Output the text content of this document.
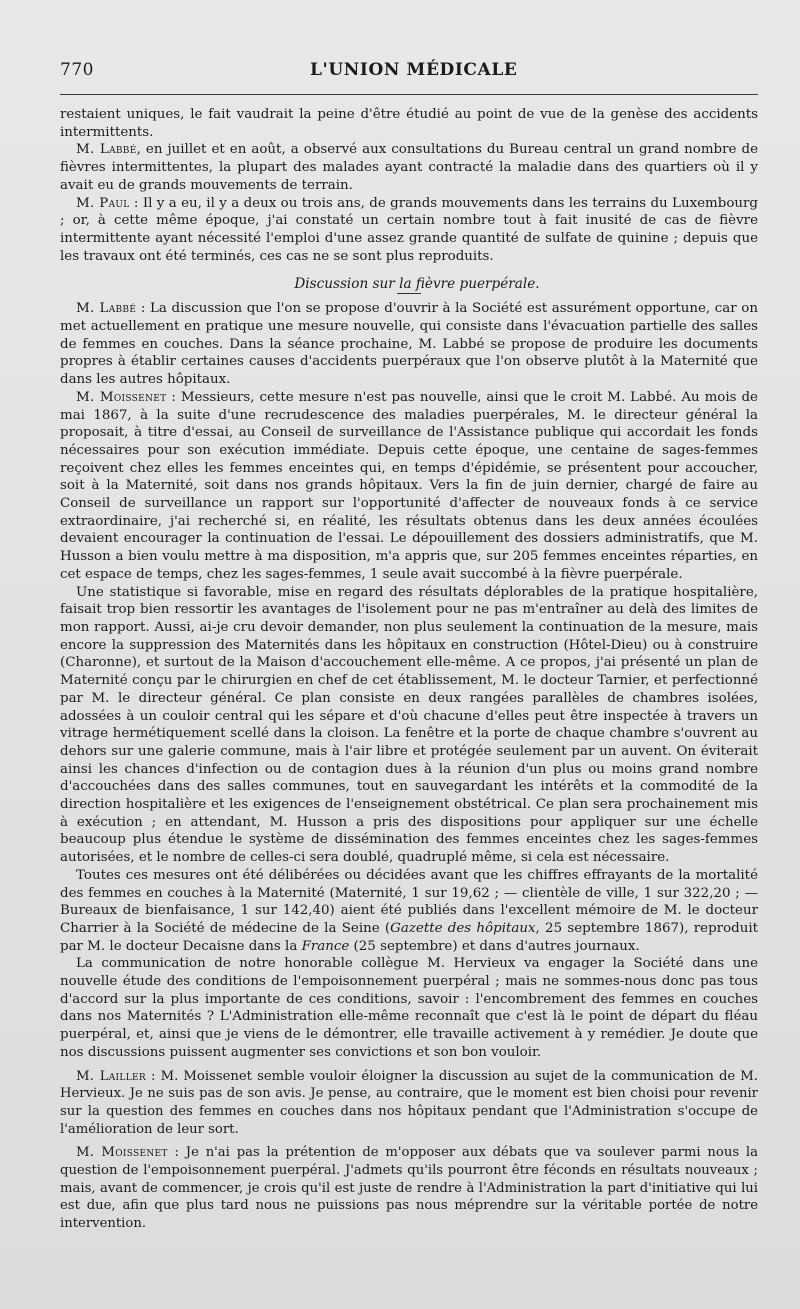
770	L'UNION MÉDICALE

restaient uniques, le fait vaudrait la peine d'être étudié au point de vue de la genèse des accidents intermittents.

M. Labbé, en juillet et en août, a observé aux consultations du Bureau central un grand nombre de fièvres intermittentes, la plupart des malades ayant contracté la maladie dans des quartiers où il y avait eu de grands mouvements de terrain.

M. Paul : Il y a eu, il y a deux ou trois ans, de grands mouvements dans les terrains du Luxembourg ; or, à cette même époque, j'ai constaté un certain nombre tout à fait inusité de cas de fièvre intermittente ayant nécessité l'emploi d'une assez grande quantité de sulfate de quinine ; depuis que les travaux ont été terminés, ces cas ne se sont plus reproduits.

Discussion sur la fièvre puerpérale.

M. Labbé : La discussion que l'on se propose d'ouvrir à la Société est assurément opportune, car on met actuellement en pratique une mesure nouvelle, qui consiste dans l'évacuation partielle des salles de femmes en couches. Dans la séance prochaine, M. Labbé se propose de produire les documents propres à établir certaines causes d'accidents puerpéraux que l'on observe plutôt à la Maternité que dans les autres hôpitaux.

M. Moissenet : Messieurs, cette mesure n'est pas nouvelle, ainsi que le croit M. Labbé. Au mois de mai 1867, à la suite d'une recrudescence des maladies puerpérales, M. le directeur général la proposait, à titre d'essai, au Conseil de surveillance de l'Assistance publique qui accordait les fonds nécessaires pour son exécution immédiate. Depuis cette époque, une centaine de sages-femmes reçoivent chez elles les femmes enceintes qui, en temps d'épidémie, se présentent pour accoucher, soit à la Maternité, soit dans nos grands hôpitaux. Vers la fin de juin dernier, chargé de faire au Conseil de surveillance un rapport sur l'opportunité d'affecter de nouveaux fonds à ce service extraordinaire, j'ai recherché si, en réalité, les résultats obtenus dans les deux années écoulées devaient encourager la continuation de l'essai. Le dépouillement des dossiers administratifs, que M. Husson a bien voulu mettre à ma disposition, m'a appris que, sur 205 femmes enceintes réparties, en cet espace de temps, chez les sages-femmes, 1 seule avait succombé à la fièvre puerpérale.

Une statistique si favorable, mise en regard des résultats déplorables de la pratique hospitalière, faisait trop bien ressortir les avantages de l'isolement pour ne pas m'entraîner au delà des limites de mon rapport. Aussi, ai-je cru devoir demander, non plus seulement la continuation de la mesure, mais encore la suppression des Maternités dans les hôpitaux en construction (Hôtel-Dieu) ou à construire (Charonne), et surtout de la Maison d'accouchement elle-même. A ce propos, j'ai présenté un plan de Maternité conçu par le chirurgien en chef de cet établissement, M. le docteur Tarnier, et perfectionné par M. le directeur général. Ce plan consiste en deux rangées parallèles de chambres isolées, adossées à un couloir central qui les sépare et d'où chacune d'elles peut être inspectée à travers un vitrage hermétiquement scellé dans la cloison. La fenêtre et la porte de chaque chambre s'ouvrent au dehors sur une galerie commune, mais à l'air libre et protégée seulement par un auvent. On éviterait ainsi les chances d'infection ou de contagion dues à la réunion d'un plus ou moins grand nombre d'accouchées dans des salles communes, tout en sauvegardant les intérêts et la commodité de la direction hospitalière et les exigences de l'enseignement obstétrical. Ce plan sera prochainement mis à exécution ; en attendant, M. Husson a pris des dispositions pour appliquer sur une échelle beaucoup plus étendue le système de dissémination des femmes enceintes chez les sages-femmes autorisées, et le nombre de celles-ci sera doublé, quadruplé même, si cela est nécessaire.

Toutes ces mesures ont été délibérées ou décidées avant que les chiffres effrayants de la mortalité des femmes en couches à la Maternité (Maternité, 1 sur 19,62 ; — clientèle de ville, 1 sur 322,20 ; — Bureaux de bienfaisance, 1 sur 142,40) aient été publiés dans l'excellent mémoire de M. le docteur Charrier à la Société de médecine de la Seine (Gazette des hôpitaux, 25 septembre 1867), reproduit par M. le docteur Decaisne dans la France (25 septembre) et dans d'autres journaux.

La communication de notre honorable collègue M. Hervieux va engager la Société dans une nouvelle étude des conditions de l'empoisonnement puerpéral ; mais ne sommes-nous donc pas tous d'accord sur la plus importante de ces conditions, savoir : l'encombrement des femmes en couches dans nos Maternités ? L'Administration elle-même reconnaît que c'est là le point de départ du fléau puerpéral, et, ainsi que je viens de le démontrer, elle travaille activement à y remédier. Je doute que nos discussions puissent augmenter ses convictions et son bon vouloir.

M. Lailler : M. Moissenet semble vouloir éloigner la discussion au sujet de la communication de M. Hervieux. Je ne suis pas de son avis. Je pense, au contraire, que le moment est bien choisi pour revenir sur la question des femmes en couches dans nos hôpitaux pendant que l'Administration s'occupe de l'amélioration de leur sort.

M. Moissenet : Je n'ai pas la prétention de m'opposer aux débats que va soulever parmi nous la question de l'empoisonnement puerpéral. J'admets qu'ils pourront être féconds en résultats nouveaux ; mais, avant de commencer, je crois qu'il est juste de rendre à l'Administration la part d'initiative qui lui est due, afin que plus tard nous ne puissions pas nous méprendre sur la véritable portée de notre intervention.
